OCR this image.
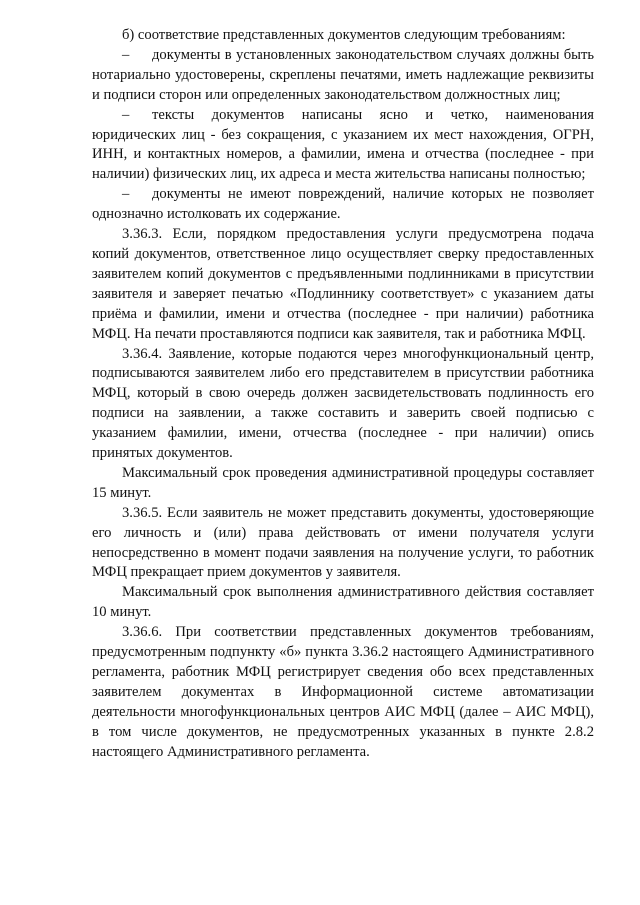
б) соответствие представленных документов следующим требованиям:

– документы в установленных законодательством случаях должны быть нотариально удостоверены, скреплены печатями, иметь надлежащие реквизиты и подписи сторон или определенных законодательством должностных лиц;

– тексты документов написаны ясно и четко, наименования юридических лиц - без сокращения, с указанием их мест нахождения, ОГРН, ИНН, и контактных номеров, а фамилии, имена и отчества (последнее - при наличии) физических лиц, их адреса и места жительства написаны полностью;

– документы не имеют повреждений, наличие которых не позволяет однозначно истолковать их содержание.

3.36.3. Если, порядком предоставления услуги предусмотрена подача копий документов, ответственное лицо осуществляет сверку предоставленных заявителем копий документов с предъявленными подлинниками в присутствии заявителя и заверяет печатью «Подлиннику соответствует» с указанием даты приёма и фамилии, имени и отчества (последнее - при наличии) работника МФЦ. На печати проставляются подписи как заявителя, так и работника МФЦ.

3.36.4. Заявление, которые подаются через многофункциональный центр, подписываются заявителем либо его представителем в присутствии работника МФЦ, который в свою очередь должен засвидетельствовать подлинность его подписи на заявлении, а также составить и заверить своей подписью с указанием фамилии, имени, отчества (последнее - при наличии) опись принятых документов.

Максимальный срок проведения административной процедуры составляет 15 минут.

3.36.5. Если заявитель не может представить документы, удостоверяющие его личность и (или) права действовать от имени получателя услуги непосредственно в момент подачи заявления на получение услуги, то работник МФЦ прекращает прием документов у заявителя.

Максимальный срок выполнения административного действия составляет 10 минут.

3.36.6. При соответствии представленных документов требованиям, предусмотренным подпункту «б» пункта 3.36.2 настоящего Административного регламента, работник МФЦ регистрирует сведения обо всех представленных заявителем документах в Информационной системе автоматизации деятельности многофункциональных центров АИС МФЦ (далее – АИС МФЦ), в том числе документов, не предусмотренных указанных в пункте 2.8.2 настоящего Административного регламента.
